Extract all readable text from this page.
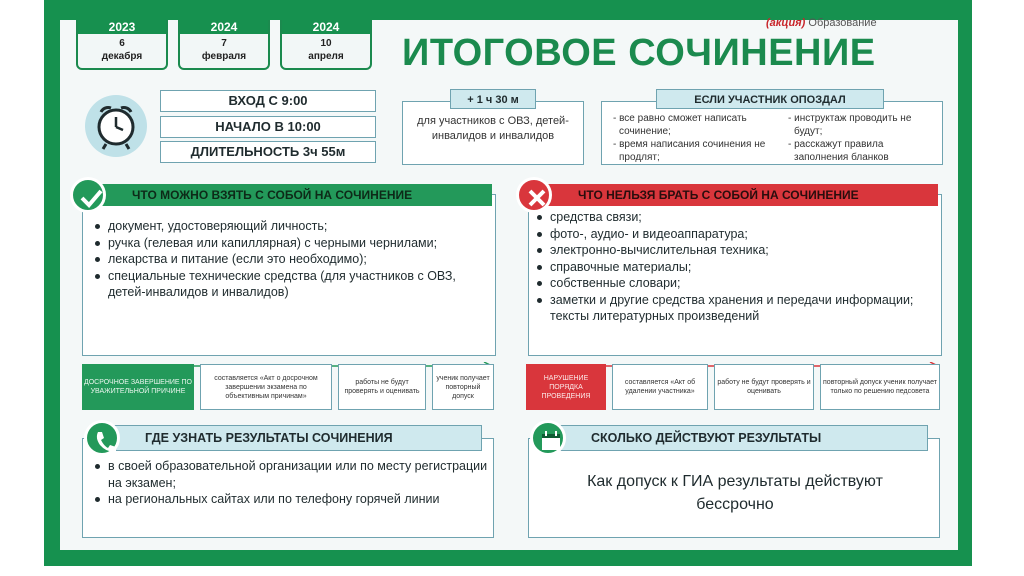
2023
6
декабря
2024
7
февраля
2024
10
апреля
(акция) Образование
ИТОГОВОЕ СОЧИНЕНИЕ
ВХОД С 9:00
НАЧАЛО В 10:00
ДЛИТЕЛЬНОСТЬ 3ч 55м
+ 1 ч 30 м
для участников с ОВЗ, детей-инвалидов и инвалидов
ЕСЛИ УЧАСТНИК ОПОЗДАЛ
- все равно сможет написать сочинение;
- время написания сочинения не продлят;
- инструктаж проводить не будут;
- расскажут правила заполнения бланков
ЧТО МОЖНО ВЗЯТЬ С СОБОЙ НА СОЧИНЕНИЕ
документ, удостоверяющий личность;
ручка (гелевая или капиллярная) с черными чернилами;
лекарства и питание (если это необходимо);
специальные технические средства (для участников с ОВЗ, детей-инвалидов и инвалидов)
ЧТО НЕЛЬЗЯ БРАТЬ С СОБОЙ НА СОЧИНЕНИЕ
средства связи;
фото-, аудио- и видеоаппаратура;
электронно-вычислительная техника;
справочные материалы;
собственные словари;
заметки и другие средства хранения и передачи информации;
тексты литературных произведений
ДОСРОЧНОЕ ЗАВЕРШЕНИЕ ПО УВАЖИТЕЛЬНОЙ ПРИЧИНЕ
составляется «Акт о досрочном завершении экзамена по объективным причинам»
работы не будут проверять и оценивать
ученик получает повторный допуск
НАРУШЕНИЕ ПОРЯДКА ПРОВЕДЕНИЯ
составляется «Акт об удалении участника»
работу не будут проверять и оценивать
повторный допуск ученик получает только по решению педсовета
ГДЕ УЗНАТЬ РЕЗУЛЬТАТЫ СОЧИНЕНИЯ
в своей образовательной организации или по месту регистрации на экзамен;
на региональных сайтах или по телефону горячей линии
СКОЛЬКО ДЕЙСТВУЮТ РЕЗУЛЬТАТЫ
Как допуск к ГИА результаты действуют бессрочно
